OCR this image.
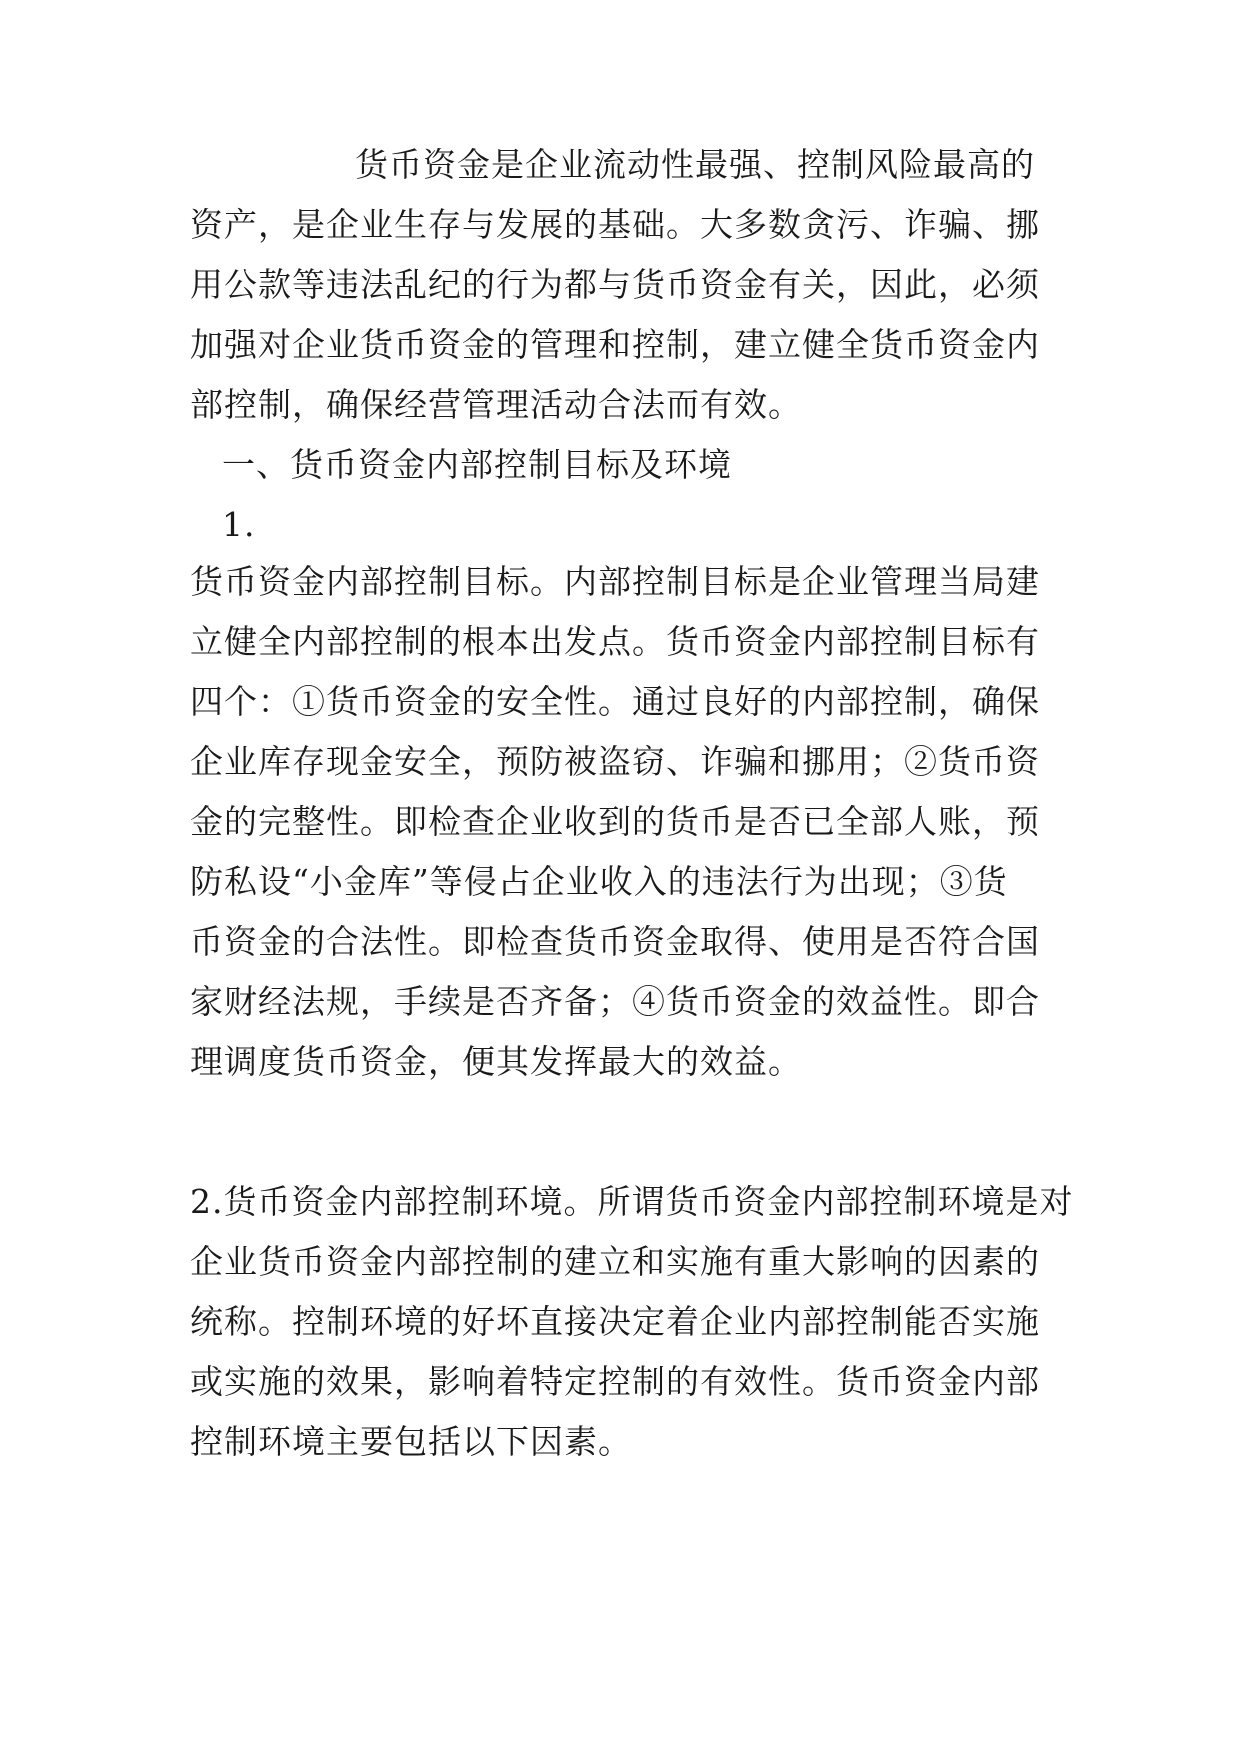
货币资金是企业流动性最强、控制风险最高的
资产，是企业生存与发展的基础。大多数贪污、诈骗、挪
用公款等违法乱纪的行为都与货币资金有关，因此，必须
加强对企业货币资金的管理和控制，建立健全货币资金内
部控制，确保经营管理活动合法而有效。
一、货币资金内部控制目标及环境
1.
货币资金内部控制目标。内部控制目标是企业管理当局建
立健全内部控制的根本出发点。货币资金内部控制目标有
四个：①货币资金的安全性。通过良好的内部控制，确保
企业库存现金安全，预防被盗窃、诈骗和挪用；②货币资
金的完整性。即检查企业收到的货币是否已全部人账，预
防私设“小金库”等侵占企业收入的违法行为出现；③货
币资金的合法性。即检查货币资金取得、使用是否符合国
家财经法规，手续是否齐备；④货币资金的效益性。即合
理调度货币资金，便其发挥最大的效益。
2.货币资金内部控制环境。所谓货币资金内部控制环境是对
企业货币资金内部控制的建立和实施有重大影响的因素的
统称。控制环境的好坏直接决定着企业内部控制能否实施
或实施的效果，影响着特定控制的有效性。货币资金内部
控制环境主要包括以下因素。
